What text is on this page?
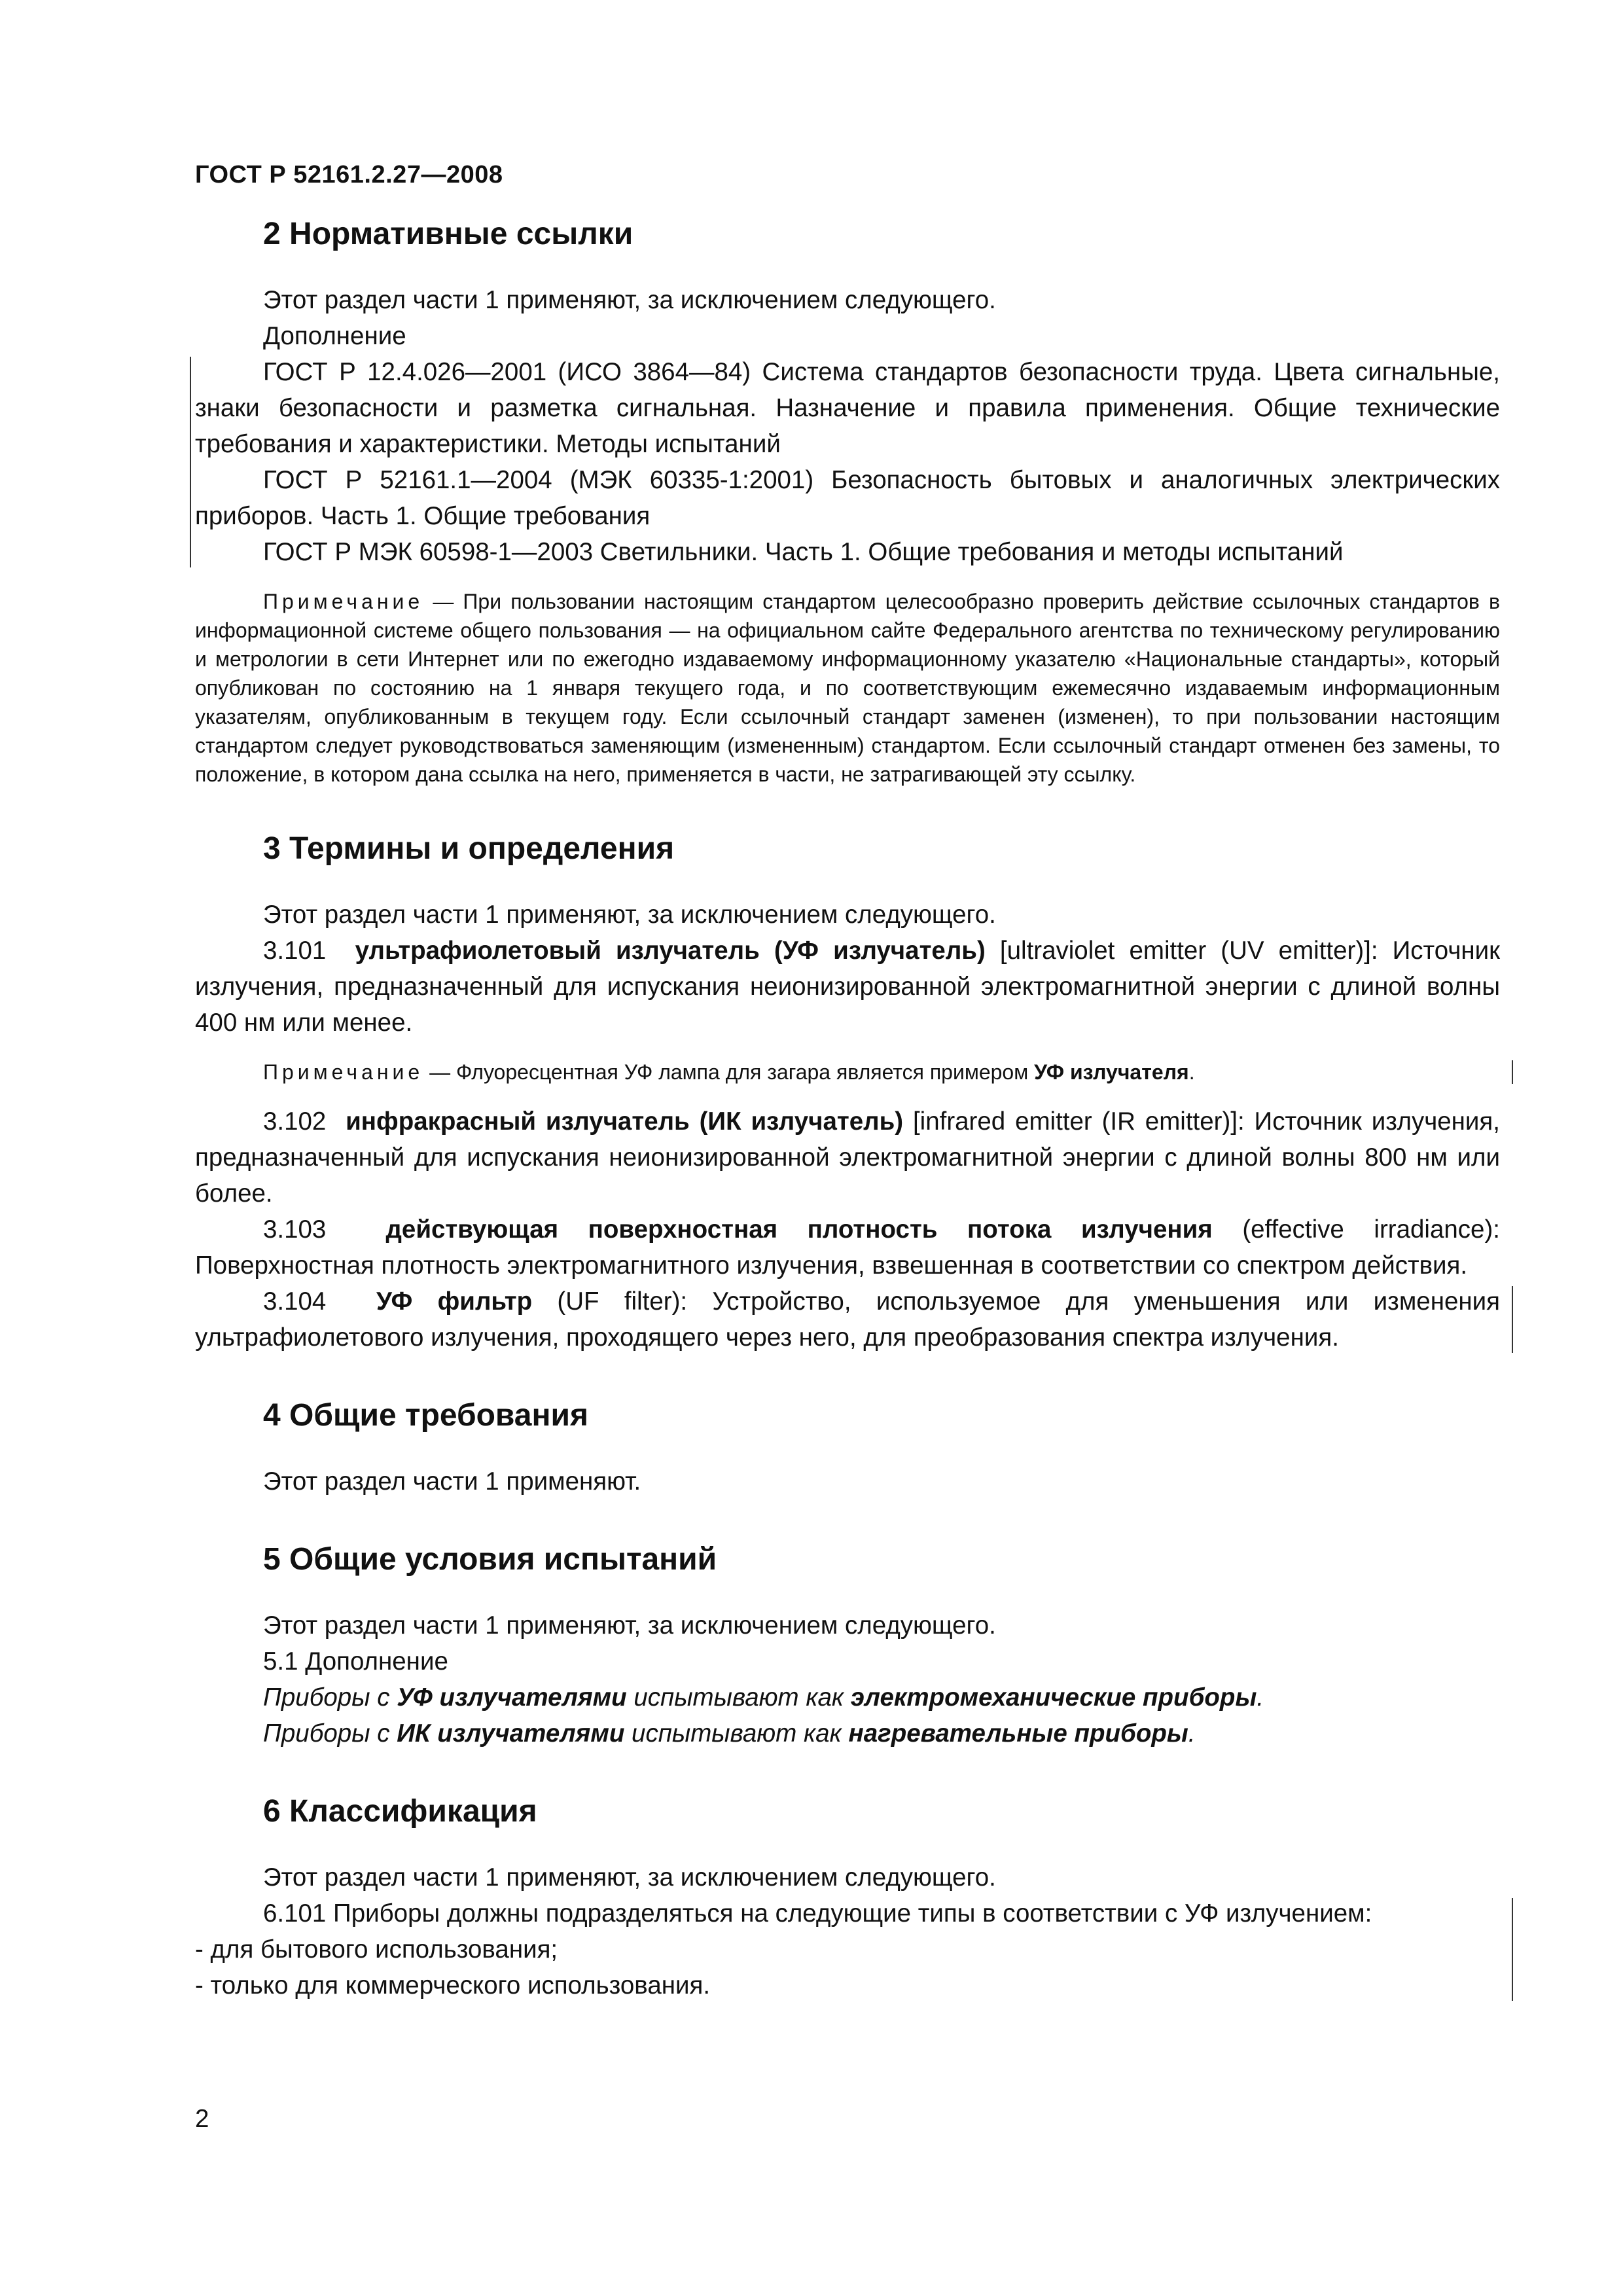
ГОСТ Р 52161.2.27—2008
2 Нормативные ссылки

Этот раздел части 1 применяют, за исключением следующего.

Дополнение

ГОСТ Р 12.4.026—2001 (ИСО 3864—84) Система стандартов безопасности труда. Цвета сигнальные, знаки безопасности и разметка сигнальная. Назначение и правила применения. Общие технические требования и характеристики. Методы испытаний

ГОСТ Р 52161.1—2004 (МЭК 60335-1:2001) Безопасность бытовых и аналогичных электрических приборов. Часть 1. Общие требования

ГОСТ Р МЭК 60598-1—2003 Светильники. Часть 1. Общие требования и методы испытаний

Примечание — При пользовании настоящим стандартом целесообразно проверить действие ссылочных стандартов в информационной системе общего пользования — на официальном сайте Федерального агентства по техническому регулированию и метрологии в сети Интернет или по ежегодно издаваемому информационному указателю «Национальные стандарты», который опубликован по состоянию на 1 января текущего года, и по соответствующим ежемесячно издаваемым информационным указателям, опубликованным в текущем году. Если ссылочный стандарт заменен (изменен), то при пользовании настоящим стандартом следует руководствоваться заменяющим (измененным) стандартом. Если ссылочный стандарт отменен без замены, то положение, в котором дана ссылка на него, применяется в части, не затрагивающей эту ссылку.
3 Термины и определения

Этот раздел части 1 применяют, за исключением следующего.

3.101 ультрафиолетовый излучатель (УФ излучатель) [ultraviolet emitter (UV emitter)]: Источник излучения, предназначенный для испускания неионизированной электромагнитной энергии с длиной волны 400 нм или менее.

Примечание — Флуоресцентная УФ лампа для загара является примером УФ излучателя.

3.102 инфракрасный излучатель (ИК излучатель) [infrared emitter (IR emitter)]: Источник излучения, предназначенный для испускания неионизированной электромагнитной энергии с длиной волны 800 нм или более.

3.103 действующая поверхностная плотность потока излучения (effective irradiance): Поверхностная плотность электромагнитного излучения, взвешенная в соответствии со спектром действия.

3.104 УФ фильтр (UF filter): Устройство, используемое для уменьшения или изменения ультрафиолетового излучения, проходящего через него, для преобразования спектра излучения.

4 Общие требования

Этот раздел части 1 применяют.

5 Общие условия испытаний

Этот раздел части 1 применяют, за исключением следующего.

5.1 Дополнение

Приборы с УФ излучателями испытывают как электромеханические приборы.

Приборы с ИК излучателями испытывают как нагревательные приборы.

6 Классификация

Этот раздел части 1 применяют, за исключением следующего.

6.101 Приборы должны подразделяться на следующие типы в соответствии с УФ излучением:

- для бытового использования;

- только для коммерческого использования.

2
